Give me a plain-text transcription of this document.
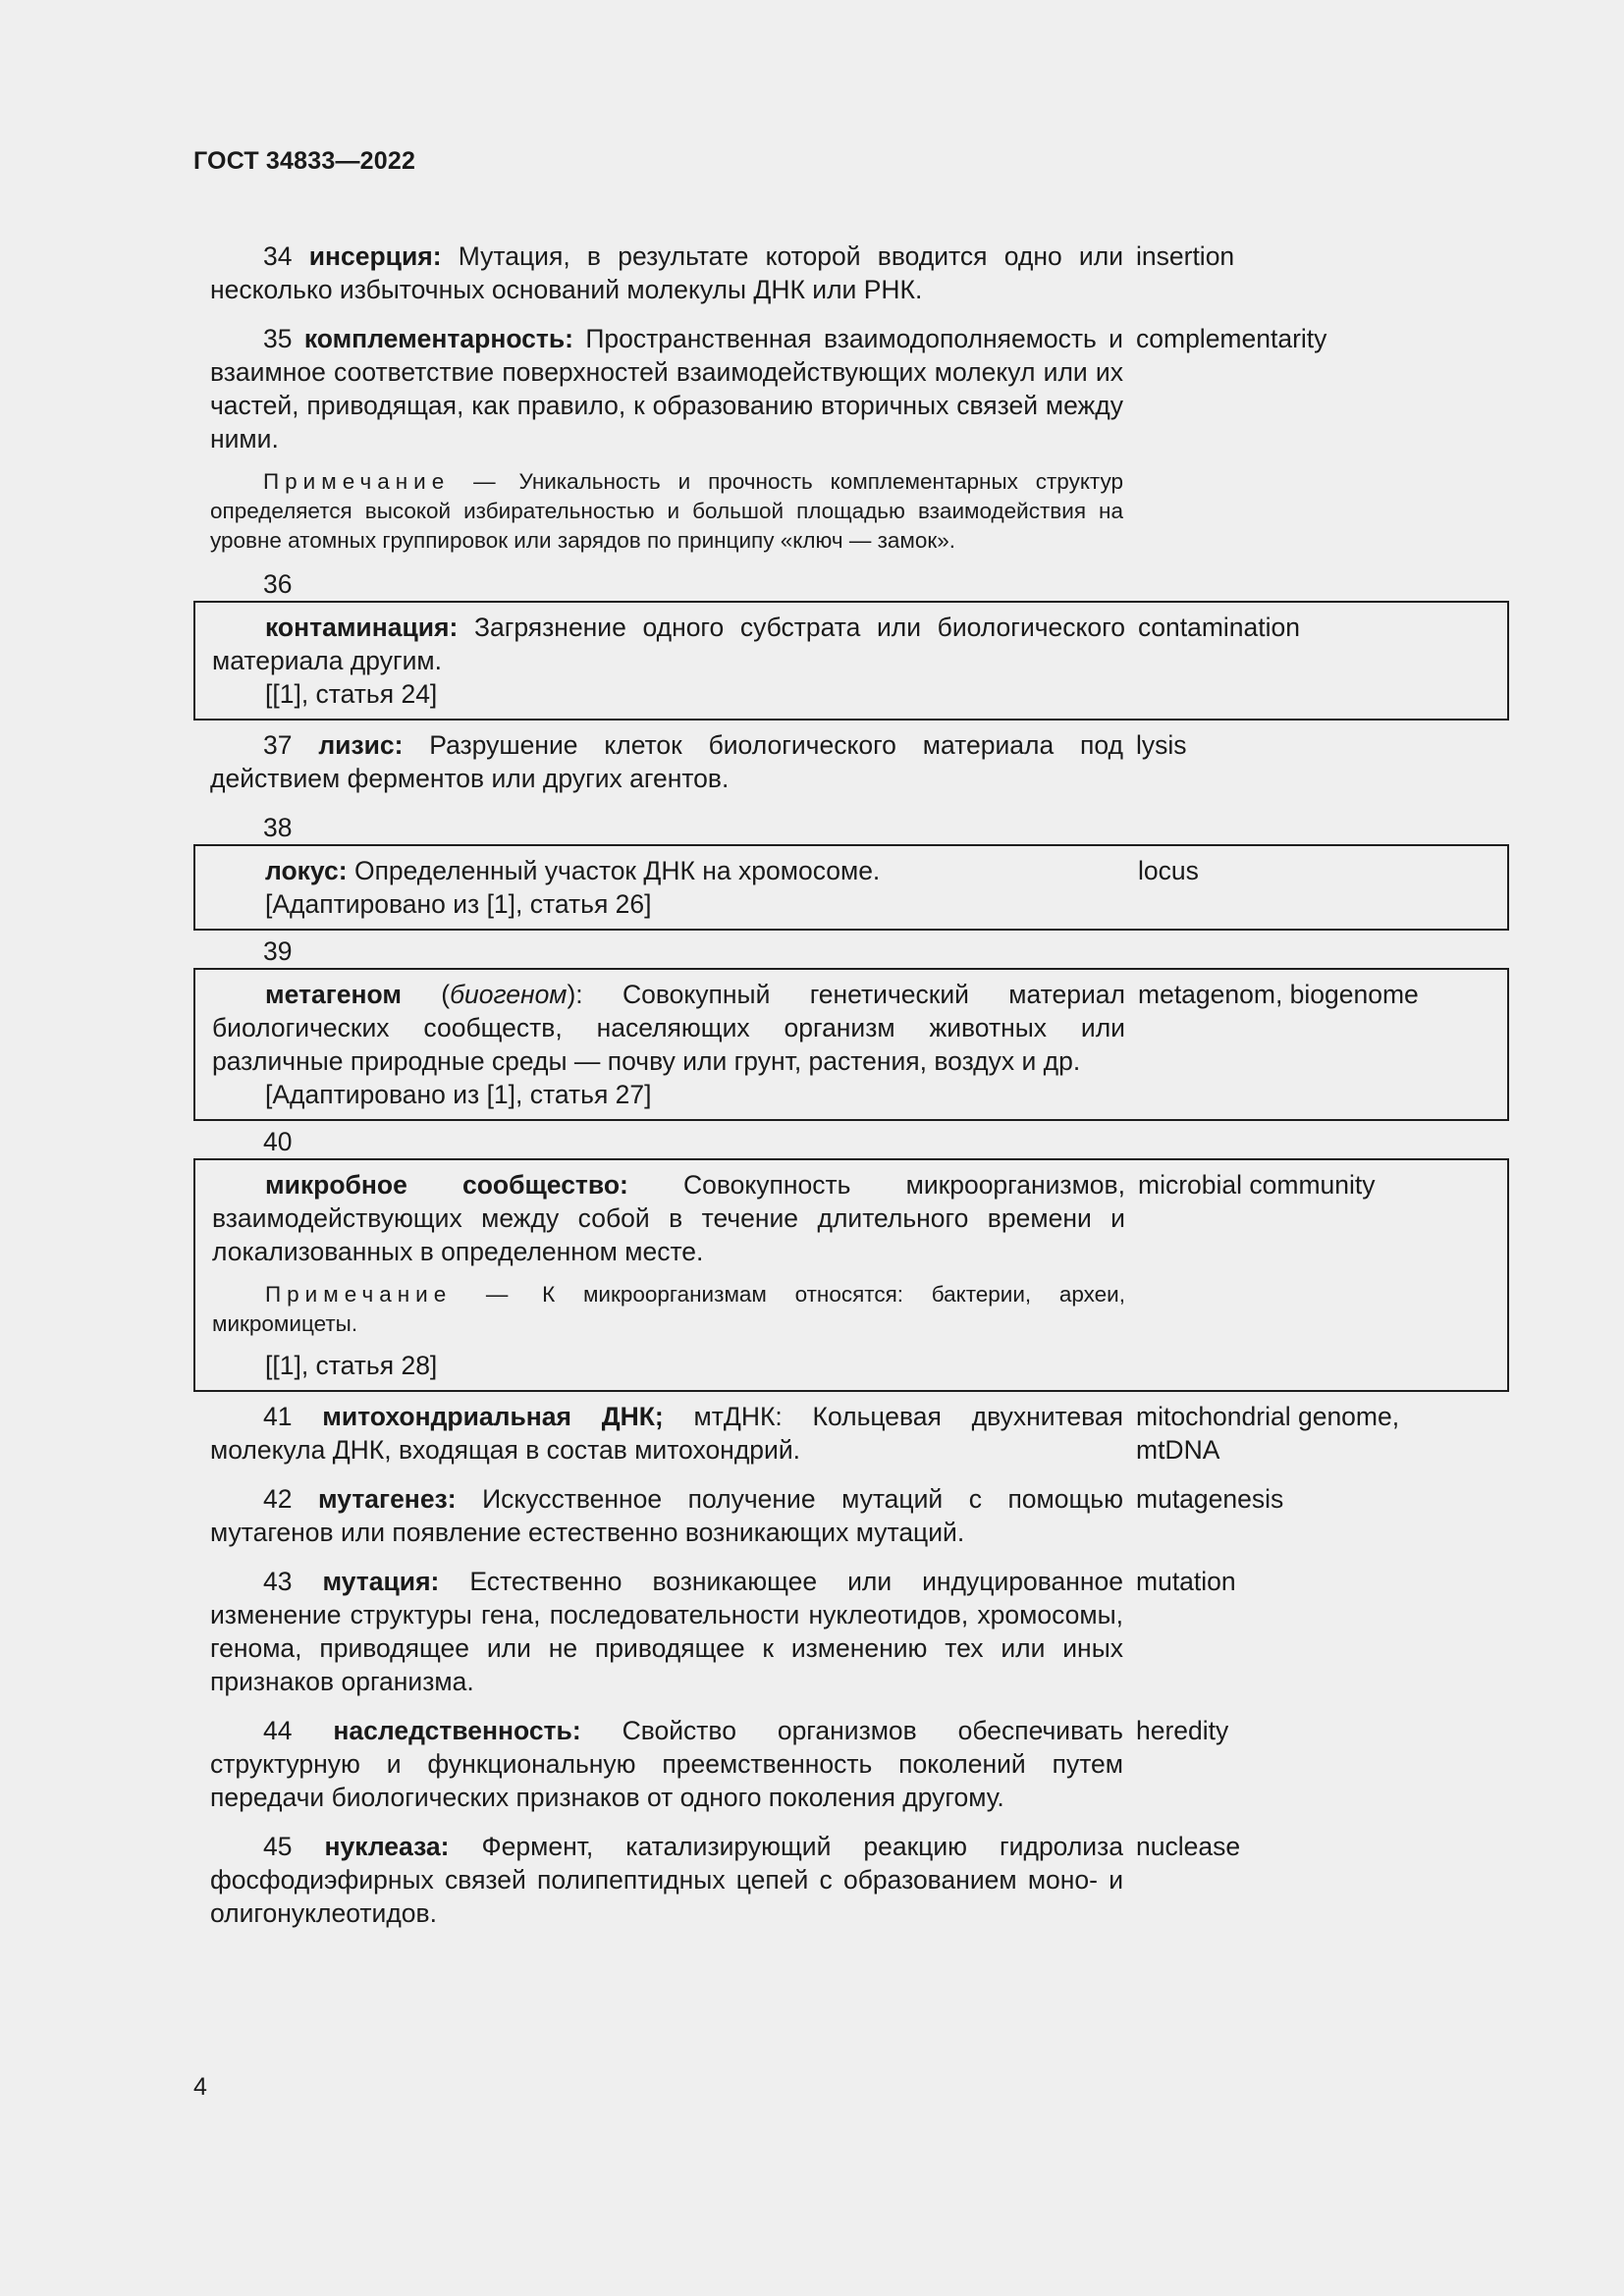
ГОСТ 34833—2022

34 инсерция: Мутация, в результате которой вводится одно или несколько избыточных оснований молекулы ДНК или РНК.

insertion

35 комплементарность: Пространственная взаимодополняемость и взаимное соответствие поверхностей взаимодействующих молекул или их частей, приводящая, как правило, к образованию вторичных связей между ними.

Примечание — Уникальность и прочность комплементарных структур определяется высокой избирательностью и большой площадью взаимодействия на уровне атомных группировок или зарядов по принципу «ключ — замок».

complementarity
36

контаминация: Загрязнение одного субстрата или биологического материала другим.

[[1], статья 24]

contamination

37 лизис: Разрушение клеток биологического материала под действием ферментов или других агентов.

lysis
38

локус: Определенный участок ДНК на хромосоме.

[Адаптировано из [1], статья 26]

locus
39

метагеном (биогеном): Совокупный генетический материал биологических сообществ, населяющих организм животных или различные природные среды — почву или грунт, растения, воздух и др.

[Адаптировано из [1], статья 27]

metagenom, biogenome
40

микробное сообщество: Совокупность микроорганизмов, взаимодействующих между собой в течение длительного времени и локализованных в определенном месте.

Примечание — К микроорганизмам относятся: бактерии, археи, микромицеты.

[[1], статья 28]

microbial community

41 митохондриальная ДНК; мтДНК: Кольцевая двухнитевая молекула ДНК, входящая в состав митохондрий.

mitochondrial genome, mtDNA

42 мутагенез: Искусственное получение мутаций с помощью мутагенов или появление естественно возникающих мутаций.

mutagenesis

43 мутация: Естественно возникающее или индуцированное изменение структуры гена, последовательности нуклеотидов, хромосомы, генома, приводящее или не приводящее к изменению тех или иных признаков организма.

mutation

44 наследственность: Свойство организмов обеспечивать структурную и функциональную преемственность поколений путем передачи биологических признаков от одного поколения другому.

heredity

45 нуклеаза: Фермент, катализирующий реакцию гидролиза фосфодиэфирных связей полипептидных цепей с образованием моно- и олигонуклеотидов.

nuclease
4
